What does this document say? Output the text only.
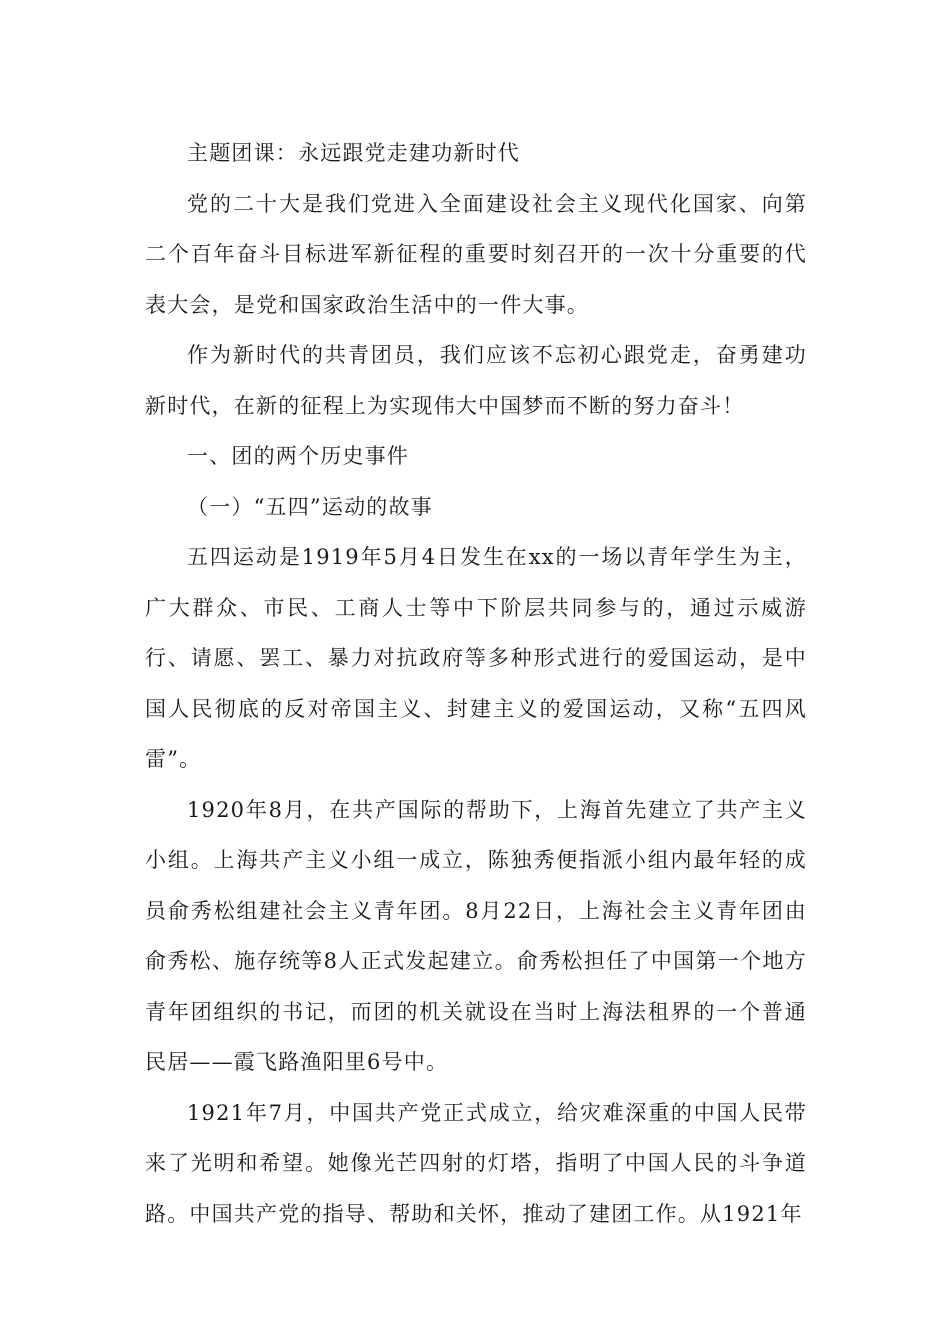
主题团课：永远跟党走建功新时代

党的二十大是我们党进入全面建设社会主义现代化国家、向第二个百年奋斗目标进军新征程的重要时刻召开的一次十分重要的代表大会，是党和国家政治生活中的一件大事。

作为新时代的共青团员，我们应该不忘初心跟党走，奋勇建功新时代，在新的征程上为实现伟大中国梦而不断的努力奋斗！

一、团的两个历史事件

（一）“五四”运动的故事

五四运动是1919年5月4日发生在xx的一场以青年学生为主，广大群众、市民、工商人士等中下阶层共同参与的，通过示威游行、请愿、罢工、暴力对抗政府等多种形式进行的爱国运动，是中国人民彻底的反对帝国主义、封建主义的爱国运动，又称“五四风雷”。

1920年8月，在共产国际的帮助下，上海首先建立了共产主义小组。上海共产主义小组一成立，陈独秀便指派小组内最年轻的成员俞秀松组建社会主义青年团。8月22日，上海社会主义青年团由俞秀松、施存统等8人正式发起建立。俞秀松担任了中国第一个地方青年团组织的书记，而团的机关就设在当时上海法租界的一个普通民居——霞飞路渔阳里6号中。

1921年7月，中国共产党正式成立，给灾难深重的中国人民带来了光明和希望。她像光芒四射的灯塔，指明了中国人民的斗争道路。中国共产党的指导、帮助和关怀，推动了建团工作。从1921年
